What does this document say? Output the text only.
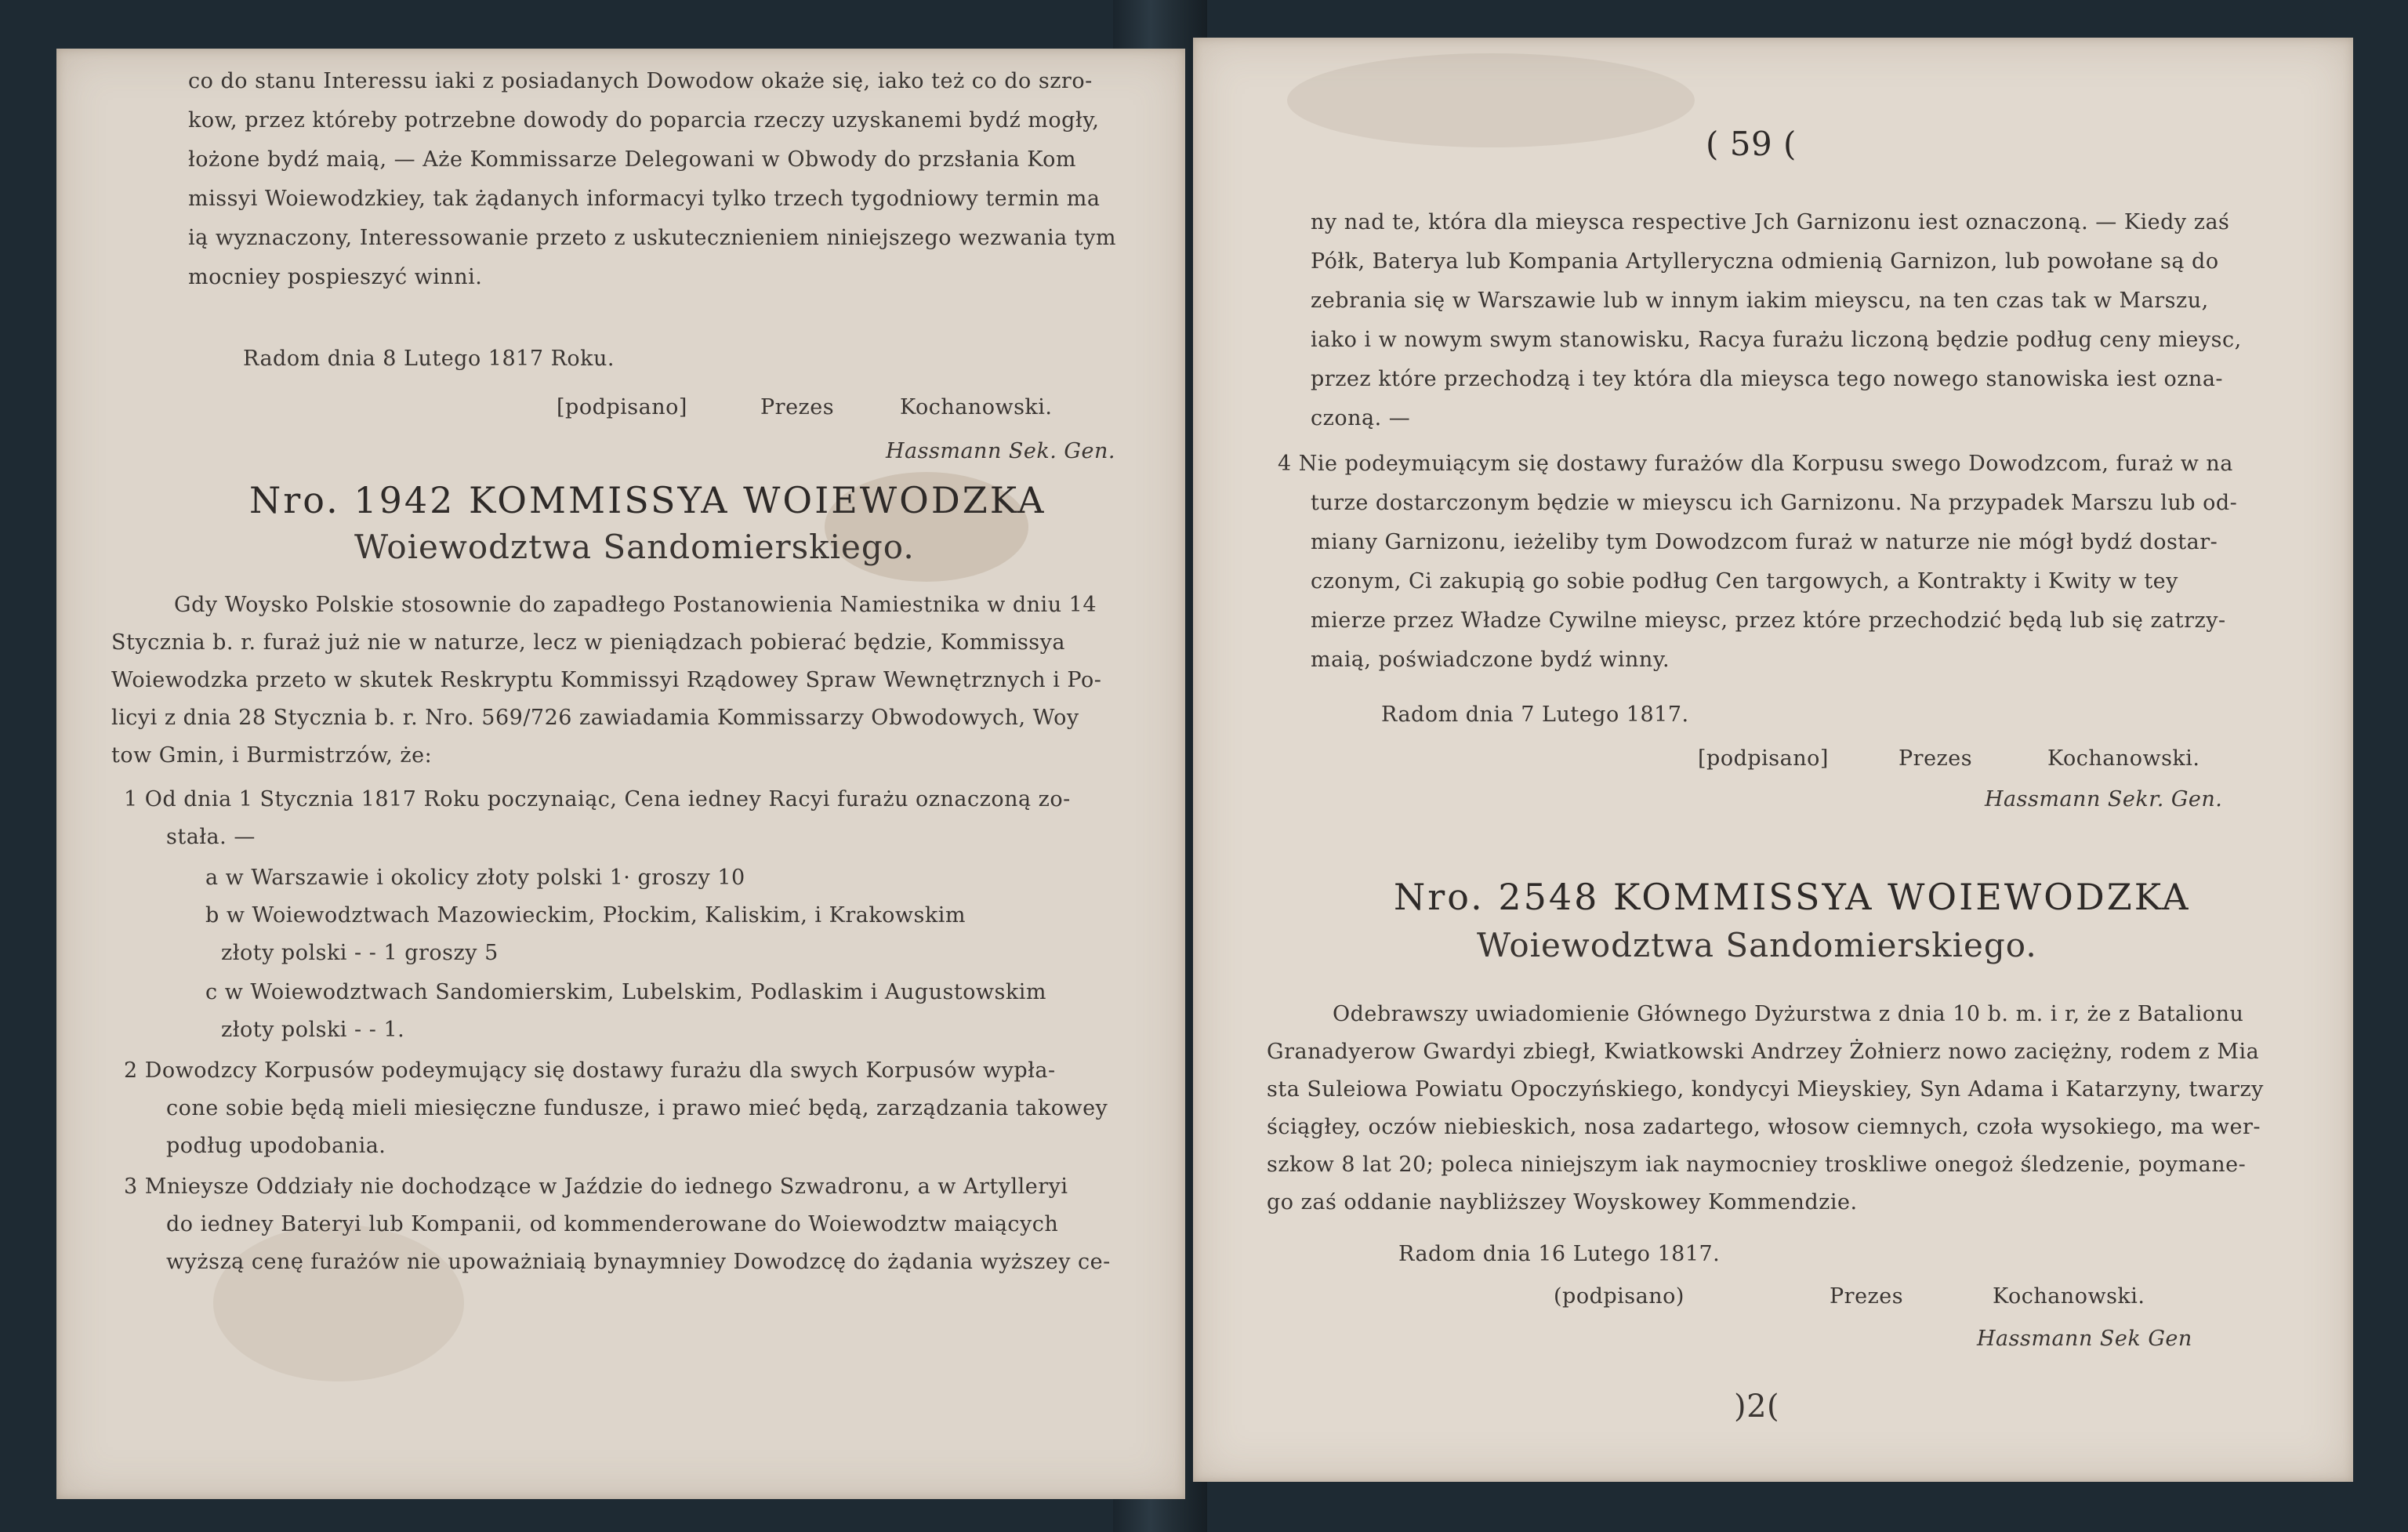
co do stanu Interessu iaki z posiadanych Dowodow okaże się, iako też co do szro-
kow, przez któreby potrzebne dowody do poparcia rzeczy uzyskanemi bydź mogły,
łożone bydź maią, — Aże Kommissarze Delegowani w Obwody do przsłania Kom
missyi Woiewodzkiey, tak żądanych informacyi tylko trzech tygodniowy termin ma
ią wyznaczony, Interessowanie przeto z uskutecznieniem niniejszego wezwania tym
mocniey pospieszyć winni.
Radom dnia 8 Lutego 1817 Roku.
[podpisano]	Prezes	Kochanowski.
Hassmann Sek. Gen.
Nro. 1942 KOMMISSYA WOIEWODZKA
Woiewodztwa Sandomierskiego.
Gdy Woysko Polskie stosownie do zapadłego Postanowienia Namiestnika w dniu 14
Stycznia b. r. furaż już nie w naturze, lecz w pieniądzach pobierać będzie, Kommissya
Woiewodzka przeto w skutek Reskryptu Kommissyi Rządowey Spraw Wewnętrznych i Po-
licyi z dnia 28 Stycznia b. r. Nro. 569/726 zawiadamia Kommissarzy Obwodowych, Woy
tow Gmin, i Burmistrzów, że:
1 Od dnia 1 Stycznia 1817 Roku poczynaiąc, Cena iedney Racyi furażu oznaczoną zo-
stała. —
a w Warszawie i okolicy złoty polski 1· groszy 10
b w Woiewodztwach Mazowieckim, Płockim, Kaliskim, i Krakowskim
złoty polski - - 1 groszy 5
c w Woiewodztwach Sandomierskim, Lubelskim, Podlaskim i Augustowskim
złoty polski - - 1.
2 Dowodzcy Korpusów podeymujący się dostawy furażu dla swych Korpusów wypła-
cone sobie będą mieli miesięczne funduszе, i prawo mieć będą, zarządzania takowey
podług upodobania.
3 Mnieysze Oddziały nie dochodzące w Jaździe do iednego Szwadronu, a w Artylleryi
do iedney Bateryi lub Kompanii, od kommenderowane do Woiewodztw maiących
wyższą cenę furażów nie upoważniaią bynaymniey Dowodzcę do żądania wyższey ce-
( 59 (
ny nad te, która dla mieysca respective Jch Garnizonu iest oznaczoną. — Kiedy zaś
Półk, Baterya lub Kompania Artylleryczna odmienią Garnizon, lub powołane są do
zebrania się w Warszawie lub w innym iakim mieyscu, na ten czas tak w Marszu,
iako i w nowym swym stanowisku, Racya furażu liczoną będzie podług ceny mieysc,
przez które przechodzą i tey która dla mieysca tego nowego stanowiska iest ozna-
czoną. —
4 Nie podeymuiącym się dostawy furażów dla Korpusu swego Dowodzcom, furaż w na
turze dostarczonym będzie w mieyscu ich Garnizonu. Na przypadek Marszu lub od-
miany Garnizonu, ieżeliby tym Dowodzcom furaż w naturze nie mógł bydź dostar-
czonym, Ci zakupią go sobie podług Cen targowych, a Kontrakty i Kwity w tey
mierze przez Władze Cywilne mieysc, przez które przechodzić będą lub się zatrzy-
maią, poświadczone bydź winny.
Radom dnia 7 Lutego 1817.
[podpisano]	Prezes	Kochanowski.
Hassmann Sekr. Gen.
Nro. 2548 KOMMISSYA WOIEWODZKA
Woiewodztwa Sandomierskiego.
Odebrawszy uwiadomienie Głównego Dyżurstwa z dnia 10 b. m. i r, że z Batalionu
Granadyerow Gwardyi zbiegł, Kwiatkowski Andrzey Żołnierz nowo zaciężny, rodem z Mia
sta Suleiowa Powiatu Opoczyńskiego, kondycyi Mieyskiey, Syn Adama i Katarzyny, twarzy
ściągłey, oczów niebieskich, nosa zadartego, włosow ciemnych, czoła wysokiego, ma wer-
szkow 8 lat 20; poleca niniejszym iak naymocniey troskliwe onegoż śledzenie, poymane-
go zaś oddanie naybliższey Woyskowey Kommendzie.
Radom dnia 16 Lutego 1817.
(podpisano)	Prezes	Kochanowski.
Hassmann Sek Gen
)2(
